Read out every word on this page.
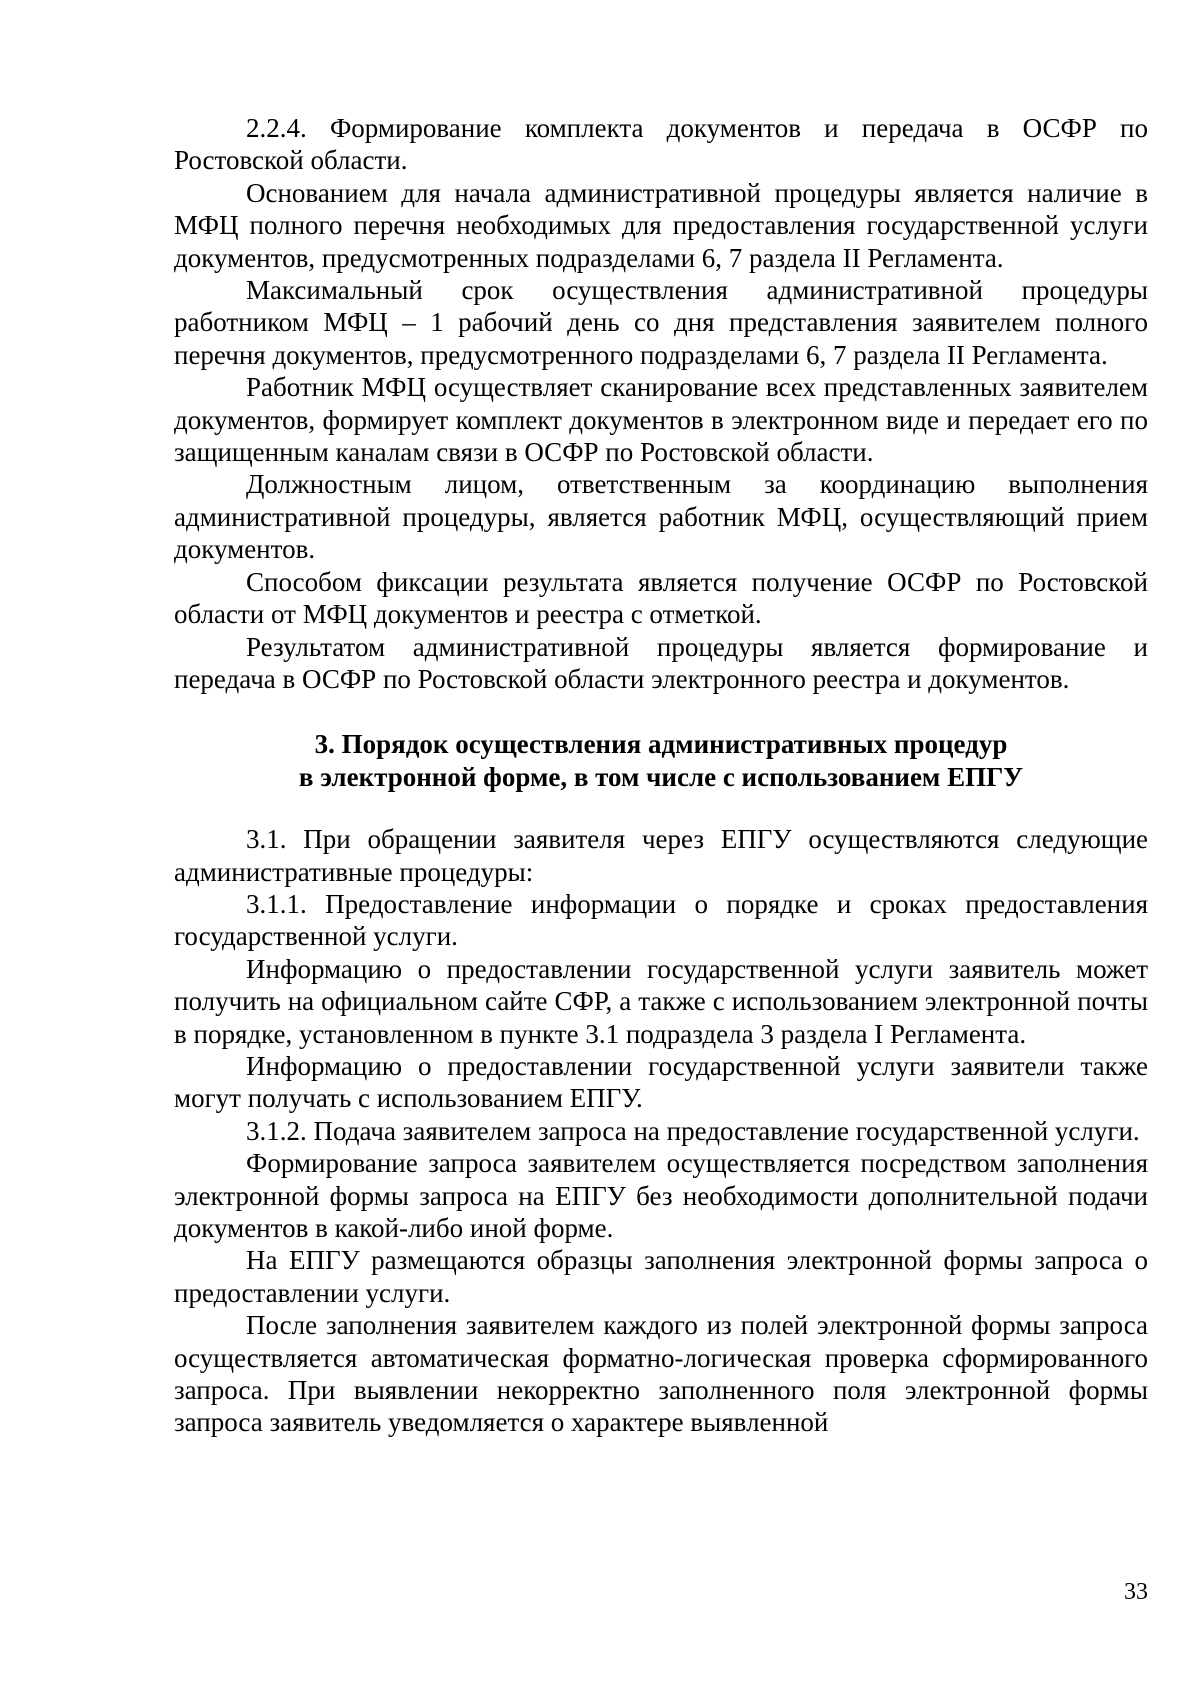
2.2.4. Формирование комплекта документов и передача в ОСФР по Ростовской области.

Основанием для начала административной процедуры является наличие в МФЦ полного перечня необходимых для предоставления государственной услуги документов, предусмотренных подразделами 6, 7 раздела II Регламента.

Максимальный срок осуществления административной процедуры работником МФЦ – 1 рабочий день со дня представления заявителем полного перечня документов, предусмотренного подразделами 6, 7 раздела II Регламента.

Работник МФЦ осуществляет сканирование всех представленных заявителем документов, формирует комплект документов в электронном виде и передает его по защищенным каналам связи в ОСФР по Ростовской области.

Должностным лицом, ответственным за координацию выполнения административной процедуры, является работник МФЦ, осуществляющий прием документов.

Способом фиксации результата является получение ОСФР по Ростовской области от МФЦ документов и реестра с отметкой.

Результатом административной процедуры является формирование и передача в ОСФР по Ростовской области электронного реестра и документов.

3. Порядок осуществления административных процедур
в электронной форме, в том числе с использованием ЕПГУ

3.1. При обращении заявителя через ЕПГУ осуществляются следующие административные процедуры:

3.1.1. Предоставление информации о порядке и сроках предоставления государственной услуги.

Информацию о предоставлении государственной услуги заявитель может получить на официальном сайте СФР, а также с использованием электронной почты в порядке, установленном в пункте 3.1 подраздела 3 раздела I Регламента.

Информацию о предоставлении государственной услуги заявители также могут получать с использованием ЕПГУ.

3.1.2. Подача заявителем запроса на предоставление государственной услуги.

Формирование запроса заявителем осуществляется посредством заполнения электронной формы запроса на ЕПГУ без необходимости дополнительной подачи документов в какой-либо иной форме.

На ЕПГУ размещаются образцы заполнения электронной формы запроса о предоставлении услуги.

После заполнения заявителем каждого из полей электронной формы запроса осуществляется автоматическая форматно-логическая проверка сформированного запроса. При выявлении некорректно заполненного поля электронной формы запроса заявитель уведомляется о характере выявленной

33
